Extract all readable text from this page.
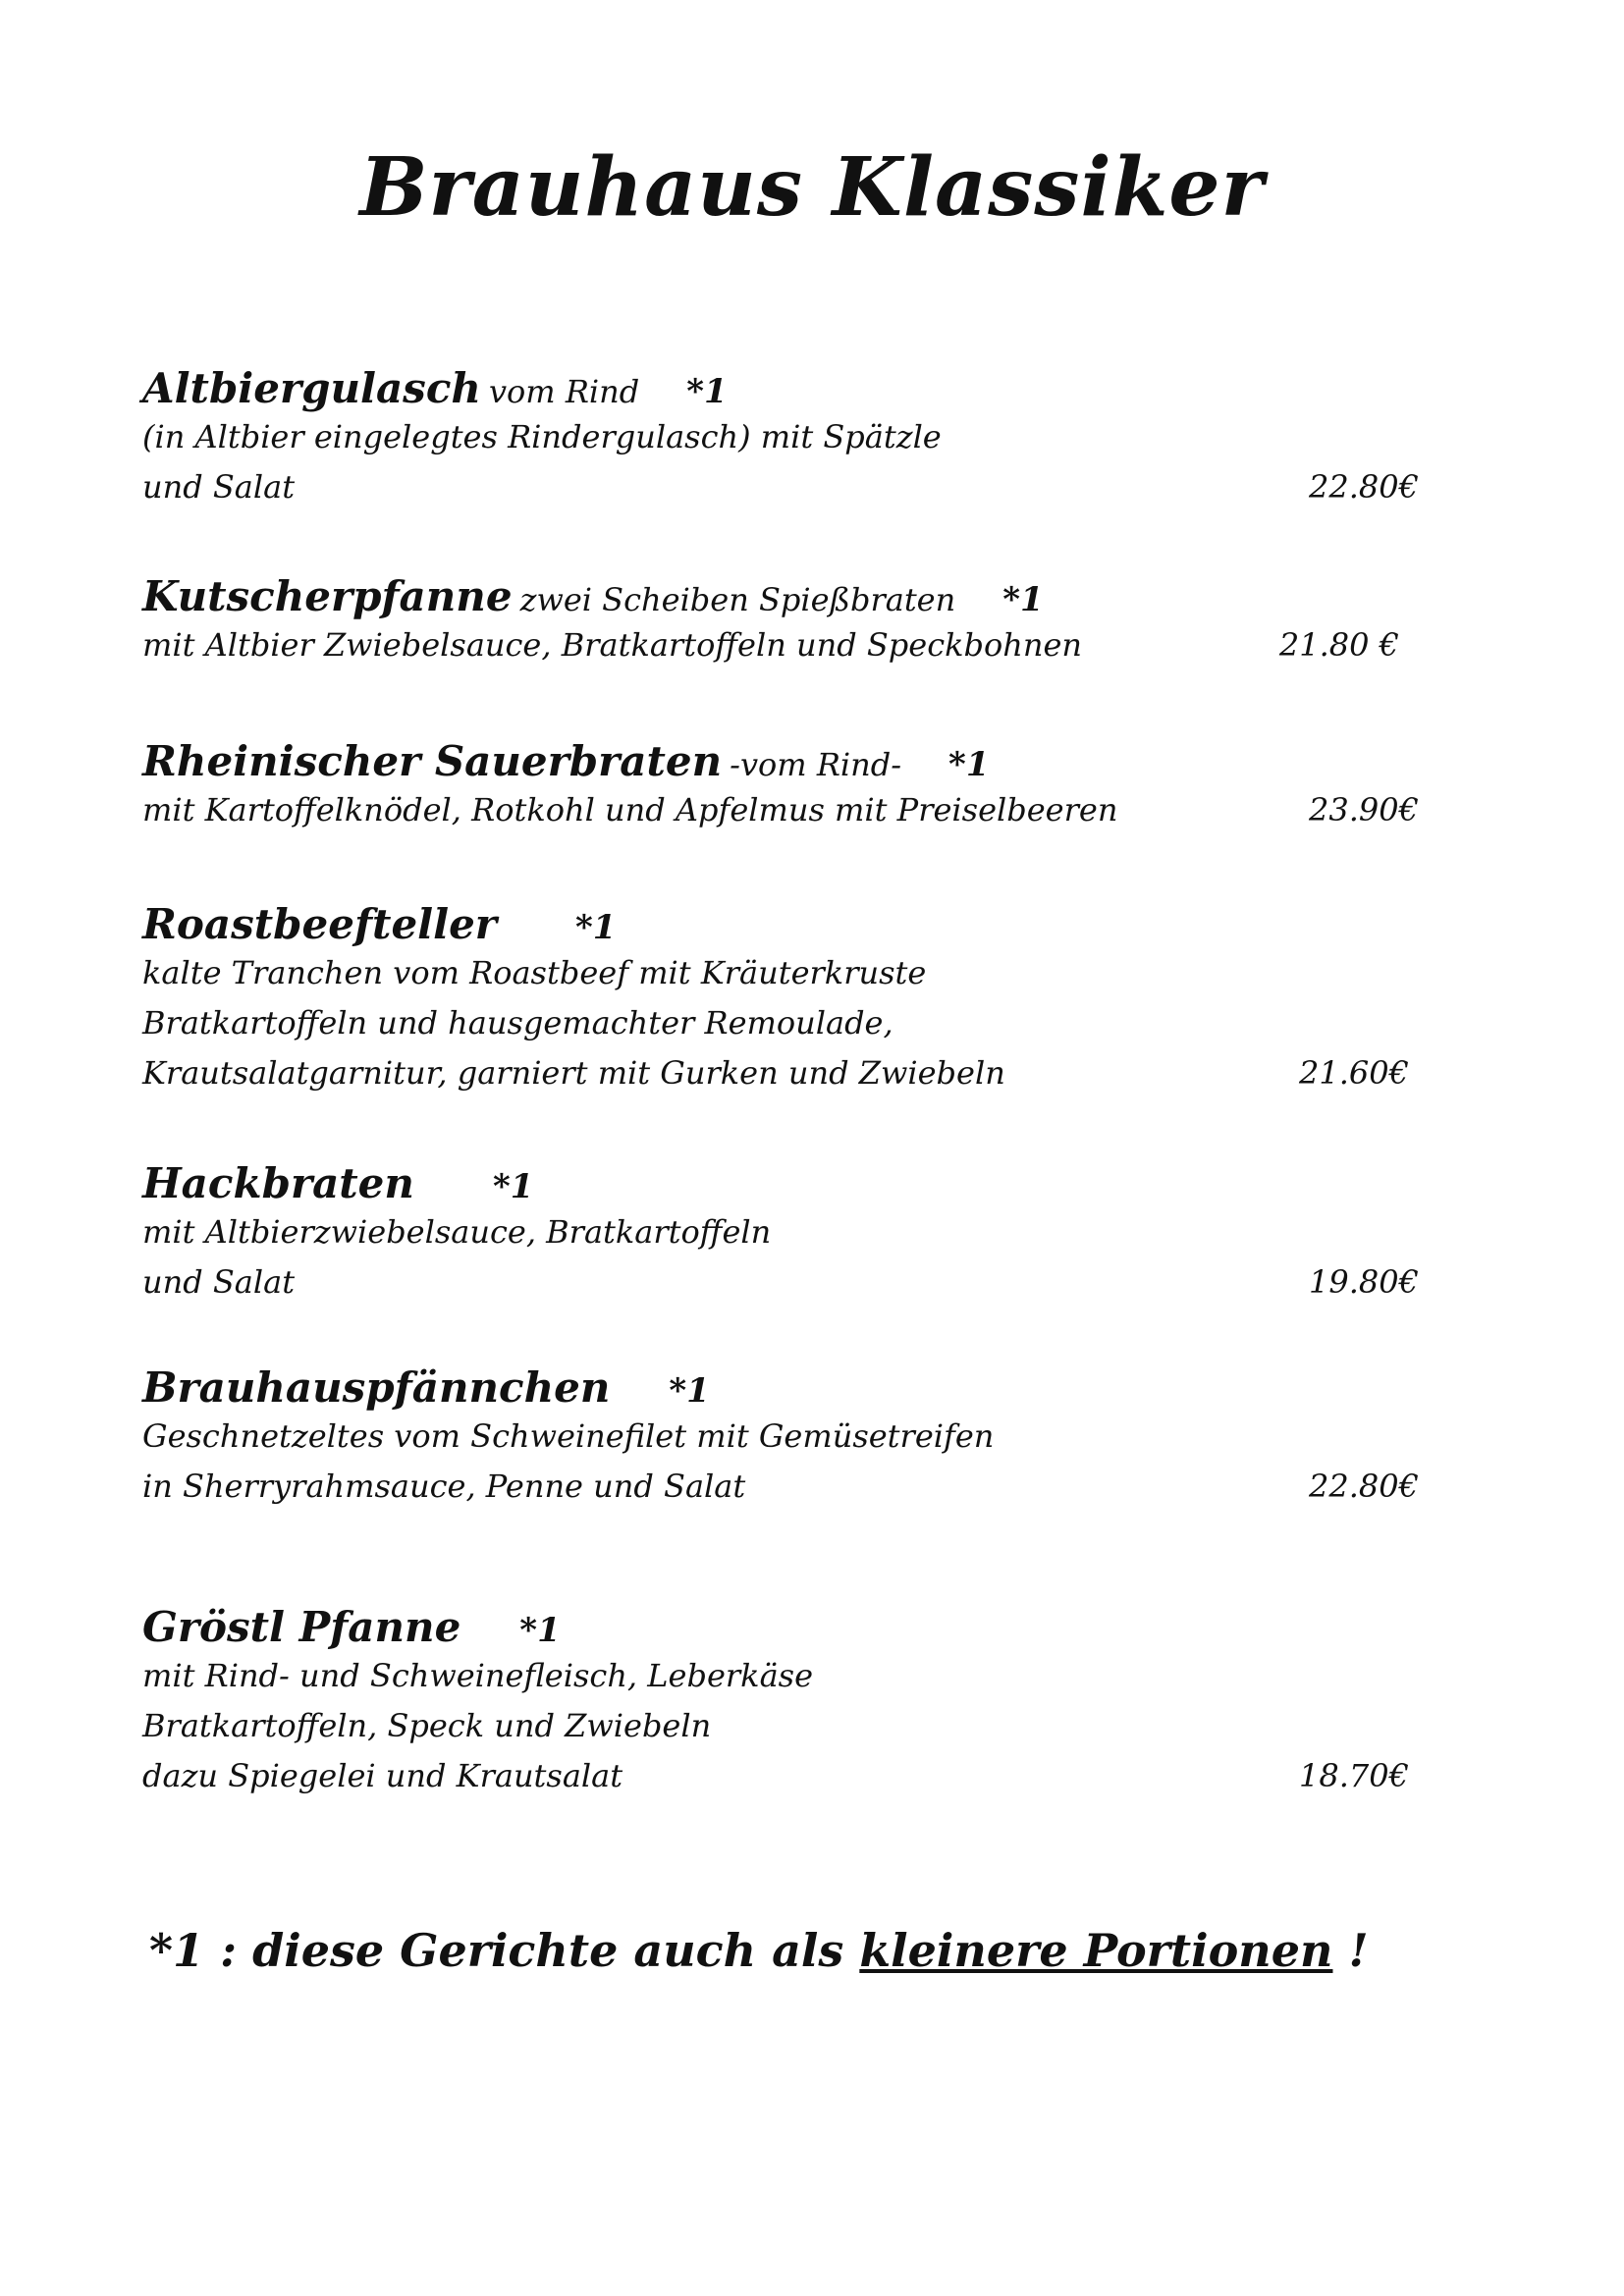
Brauhaus Klassiker
Altbiergulasch vom Rind *1
(in Altbier eingelegtes Rindergulasch) mit Spätzle
und Salat	22.80€
Kutscherpfanne zwei Scheiben Spießbraten *1
mit Altbier Zwiebelsauce, Bratkartoffeln und Speckbohnen	21.80 €
Rheinischer Sauerbraten -vom Rind- *1
mit Kartoffelknödel, Rotkohl und Apfelmus mit Preiselbeeren	23.90€
Roastbeefteller *1
kalte Tranchen vom Roastbeef mit Kräuterkruste
Bratkartoffeln und hausgemachter Remoulade,
Krautsalatgarnitur, garniert mit Gurken und Zwiebeln	21.60€
Hackbraten *1
mit Altbierzwiebelsauce, Bratkartoffeln
und Salat	19.80€
Brauhauspfännchen *1
Geschnetzeltes vom Schweinefilet mit Gemüsetreifen
in Sherryrahmsauce, Penne und Salat	22.80€
Gröstl Pfanne *1
mit Rind- und Schweinefleisch, Leberkäse
Bratkartoffeln, Speck und Zwiebeln
dazu Spiegelei und Krautsalat	18.70€
*1 : diese Gerichte auch als kleinere Portionen !
